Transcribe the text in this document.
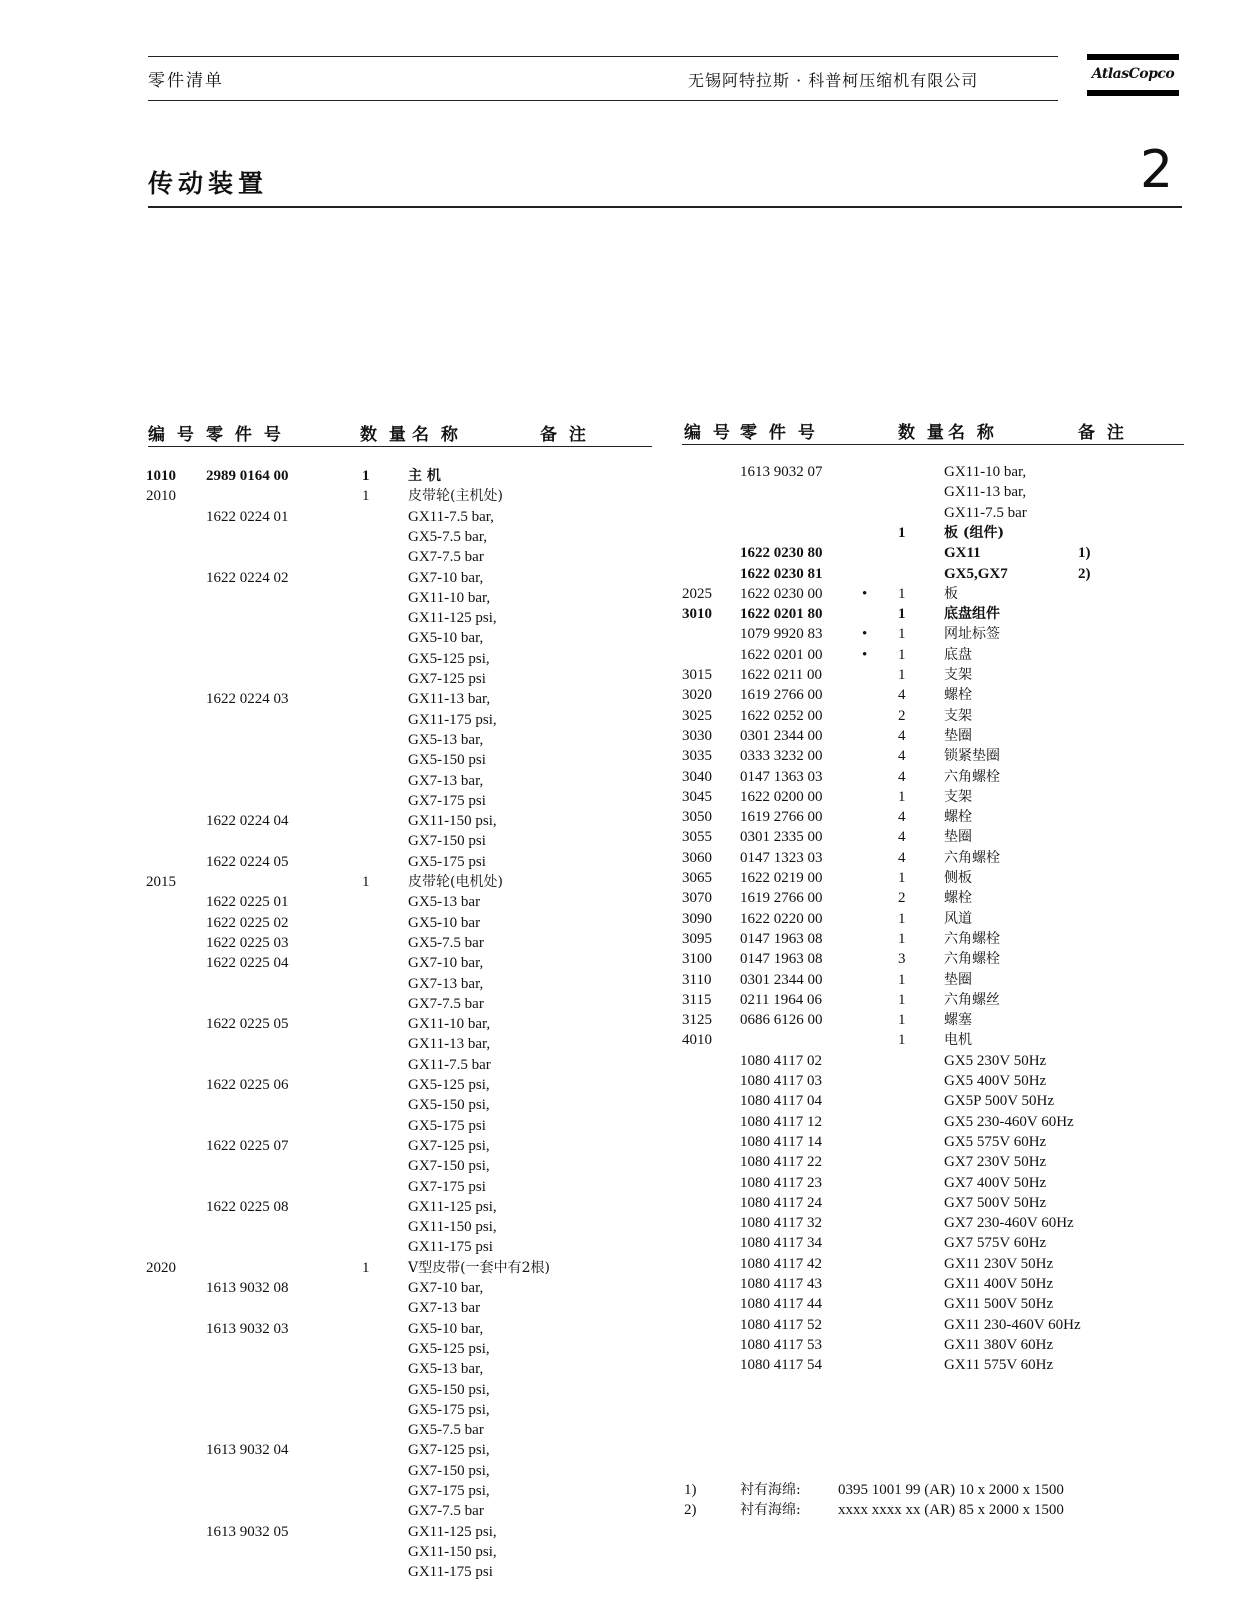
零件清单	无锡阿特拉斯 · 科普柯压缩机有限公司	AtlasCopco
传动装置	2
编 号 零 件 号	数 量 名 称	备 注	编 号 零 件 号	数 量 名 称	备 注
1010 2989 0164 00	1	主 机
2010	1	皮带轮(主机处)
1622 0224 01	GX11-7.5 bar,
GX5-7.5 bar,
GX7-7.5 bar
1622 0224 02	GX7-10 bar,
GX11-10 bar,
GX11-125 psi,
GX5-10 bar,
GX5-125 psi,
GX7-125 psi
1622 0224 03	GX11-13 bar,
GX11-175 psi,
GX5-13 bar,
GX5-150 psi
GX7-13 bar,
GX7-175 psi
1622 0224 04	GX11-150 psi,
GX7-150 psi
1622 0224 05	GX5-175 psi
2015	1	皮带轮(电机处)
1622 0225 01	GX5-13 bar
1622 0225 02	GX5-10 bar
1622 0225 03	GX5-7.5 bar
1622 0225 04	GX7-10 bar,
GX7-13 bar,
GX7-7.5 bar
1622 0225 05	GX11-10 bar,
GX11-13 bar,
GX11-7.5 bar
1622 0225 06	GX5-125 psi,
GX5-150 psi,
GX5-175 psi
1622 0225 07	GX7-125 psi,
GX7-150 psi,
GX7-175 psi
1622 0225 08	GX11-125 psi,
GX11-150 psi,
GX11-175 psi
2020	1	V型皮带(一套中有2根)
1613 9032 08	GX7-10 bar,
GX7-13 bar
1613 9032 03	GX5-10 bar,
GX5-125 psi,
GX5-13 bar,
GX5-150 psi,
GX5-175 psi,
GX5-7.5 bar
1613 9032 04	GX7-125 psi,
GX7-150 psi,
GX7-175 psi,
GX7-7.5 bar
1613 9032 05	GX11-125 psi,
GX11-150 psi,
GX11-175 psi
1613 9032 07	GX11-10 bar,
GX11-13 bar,
GX11-7.5 bar
1	板 (组件)
1622 0230 80	GX11	1)
1622 0230 81	GX5,GX7	2)
2025 1622 0230 00	• 1	板
3010 1622 0201 80	1	底盘组件
1079 9920 83	• 1	网址标签
1622 0201 00	• 1	底盘
3015 1622 0211 00	1	支架
3020 1619 2766 00	4	螺栓
3025 1622 0252 00	2	支架
3030 0301 2344 00	4	垫圈
3035 0333 3232 00	4	锁紧垫圈
3040 0147 1363 03	4	六角螺栓
3045 1622 0200 00	1	支架
3050 1619 2766 00	4	螺栓
3055 0301 2335 00	4	垫圈
3060 0147 1323 03	4	六角螺栓
3065 1622 0219 00	1	侧板
3070 1619 2766 00	2	螺栓
3090 1622 0220 00	1	风道
3095 0147 1963 08	1	六角螺栓
3100 0147 1963 08	3	六角螺栓
3110 0301 2344 00	1	垫圈
3115 0211 1964 06	1	六角螺丝
3125 0686 6126 00	1	螺塞
4010	1	电机
1080 4117 02	GX5 230V 50Hz
1080 4117 03	GX5 400V 50Hz
1080 4117 04	GX5P 500V 50Hz
1080 4117 12	GX5 230-460V 60Hz
1080 4117 14	GX5 575V 60Hz
1080 4117 22	GX7 230V 50Hz
1080 4117 23	GX7 400V 50Hz
1080 4117 24	GX7 500V 50Hz
1080 4117 32	GX7 230-460V 60Hz
1080 4117 34	GX7 575V 60Hz
1080 4117 42	GX11 230V 50Hz
1080 4117 43	GX11 400V 50Hz
1080 4117 44	GX11 500V 50Hz
1080 4117 52	GX11 230-460V 60Hz
1080 4117 53	GX11 380V 60Hz
1080 4117 54	GX11 575V 60Hz
1)	衬有海绵: 0395 1001 99 (AR) 10 x 2000 x 1500
2)	衬有海绵: xxxx xxxx xx (AR) 85 x 2000 x 1500
